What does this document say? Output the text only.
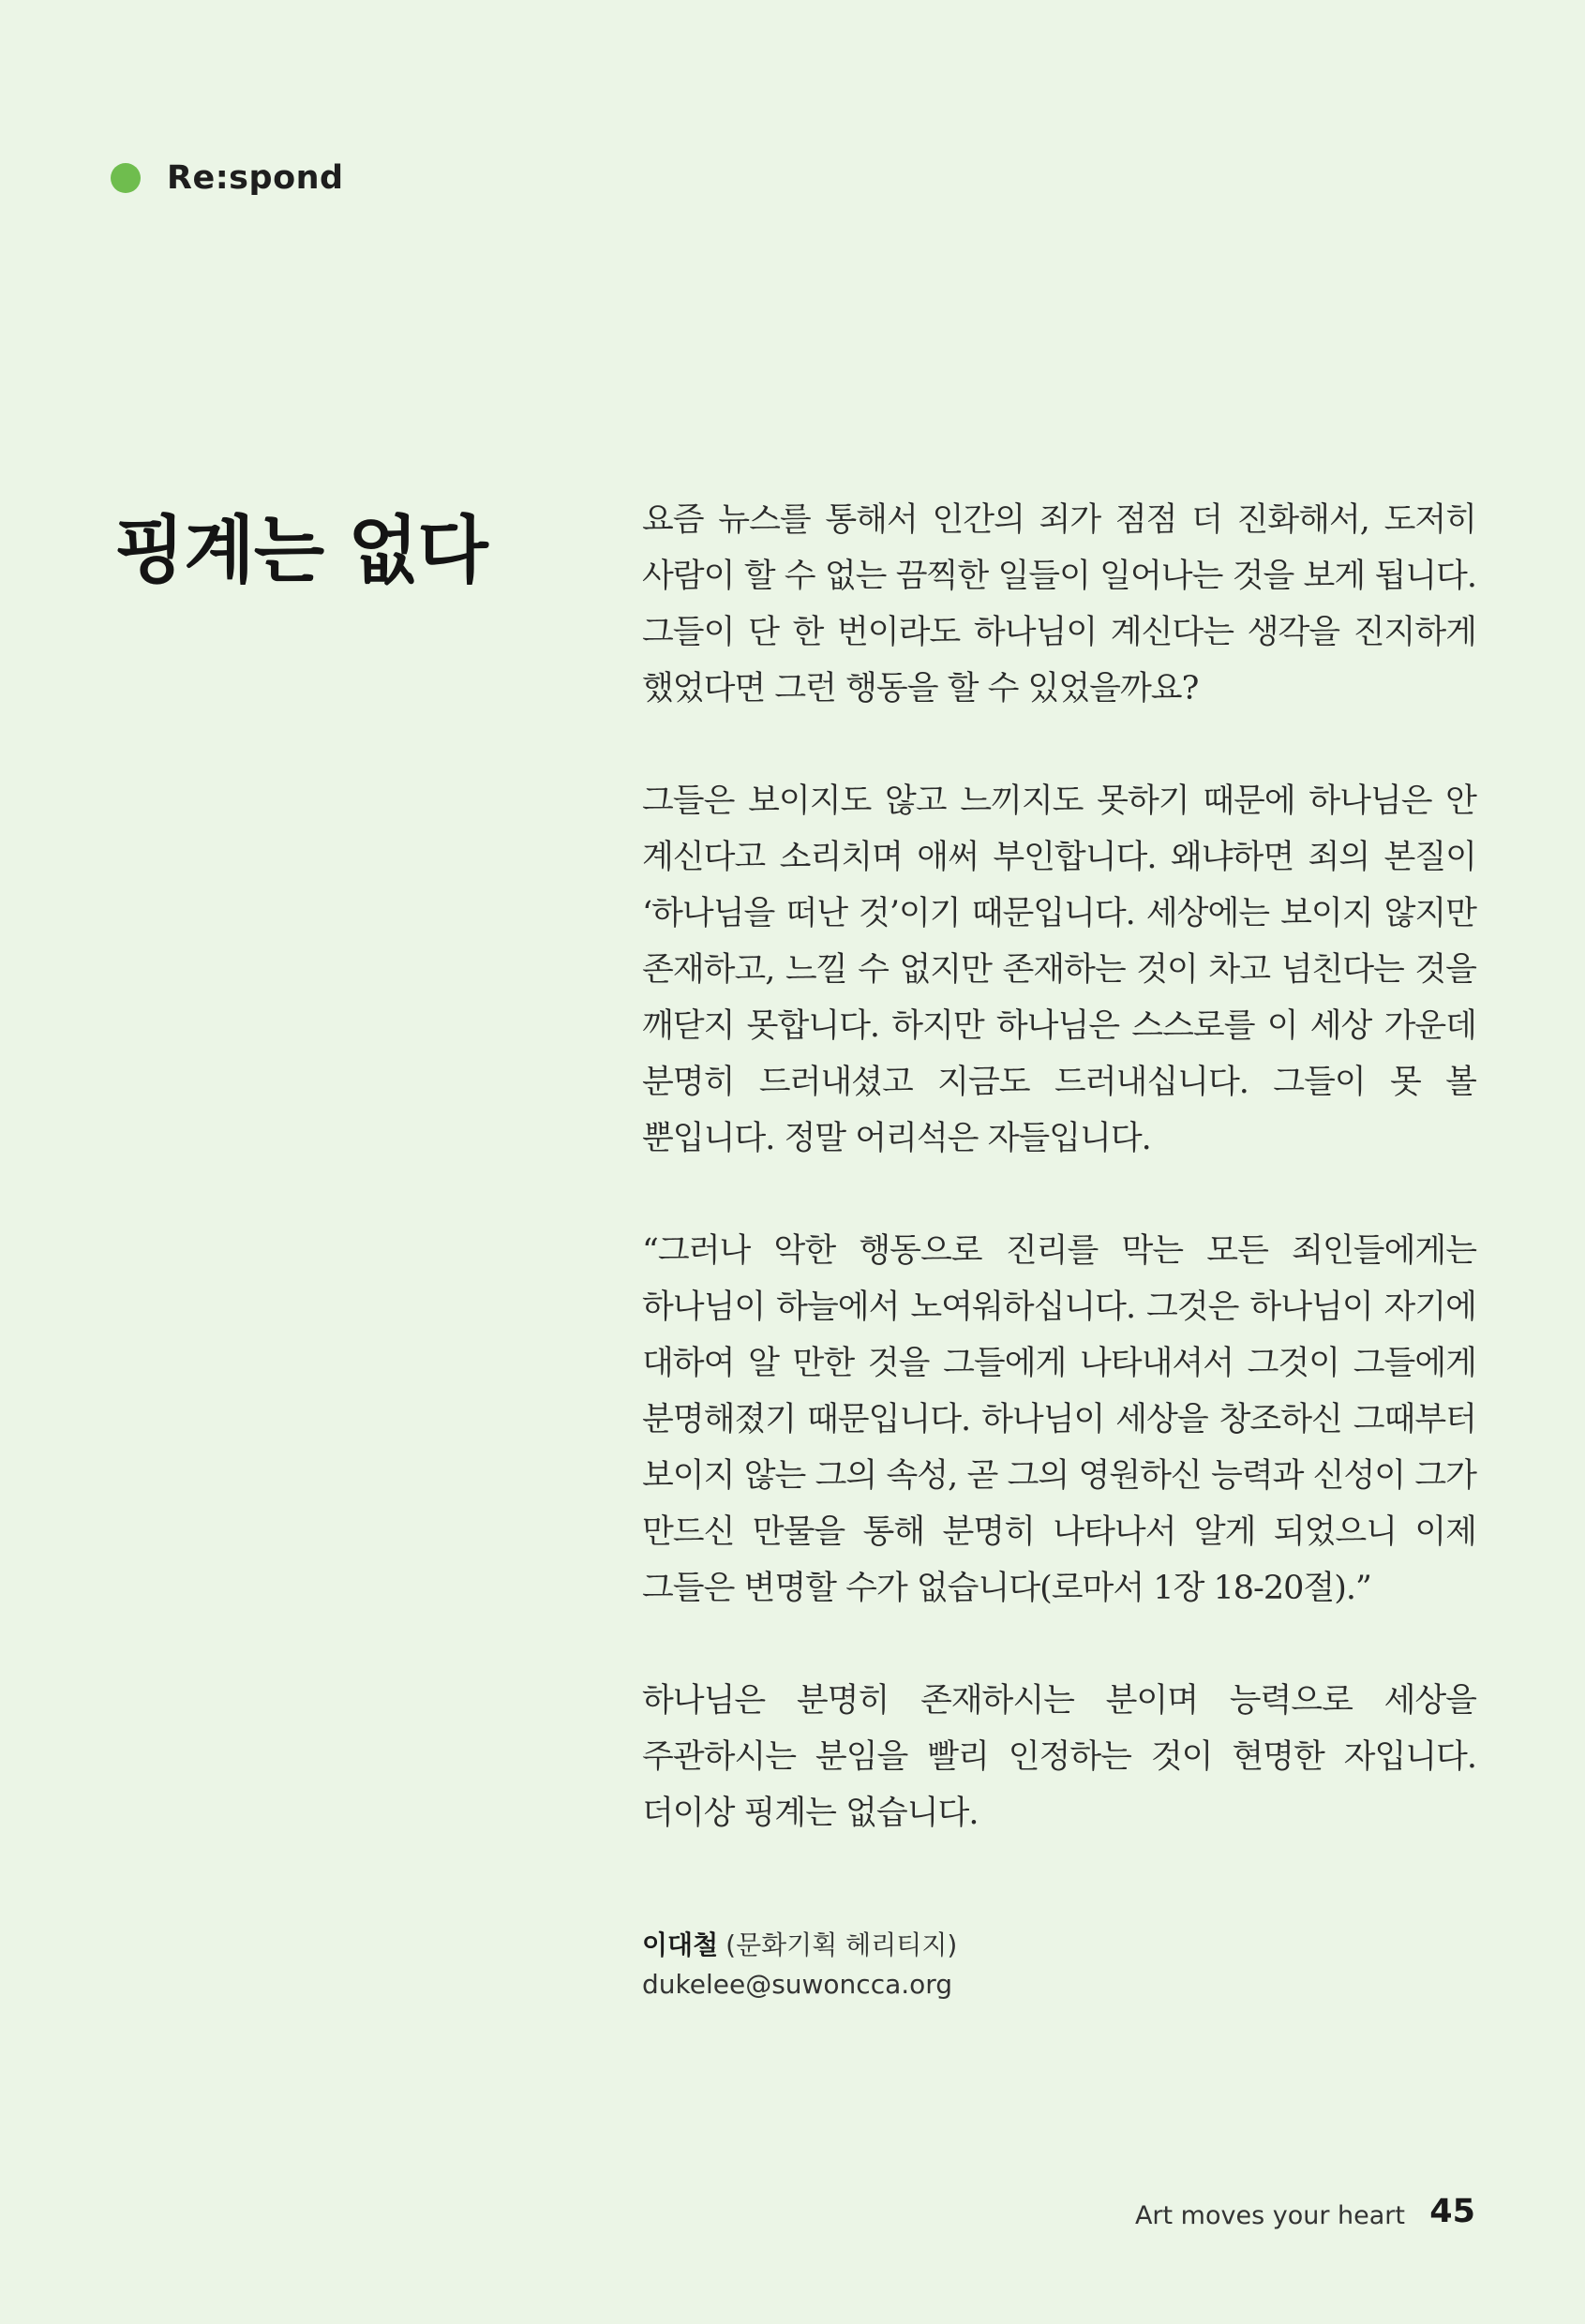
Re:spond
핑계는 없다	요즘 뉴스를 통해서 인간의 죄가 점점 더 진화해서, 도저히 사람이 할 수 없는 끔찍한 일들이 일어나는 것을 보게 됩니다. 그들이 단 한 번이라도 하나님이 계신다는 생각을 진지하게 했었다면 그런 행동을 할 수 있었을까요?

그들은 보이지도 않고 느끼지도 못하기 때문에 하나님은 안 계신다고 소리치며 애써 부인합니다. 왜냐하면 죄의 본질이 ‘하나님을 떠난 것’이기 때문입니다. 세상에는 보이지 않지만 존재하고, 느낄 수 없지만 존재하는 것이 차고 넘친다는 것을 깨닫지 못합니다. 하지만 하나님은 스스로를 이 세상 가운데 분명히 드러내셨고 지금도 드러내십니다. 그들이 못 볼 뿐입니다. 정말 어리석은 자들입니다.

“그러나 악한 행동으로 진리를 막는 모든 죄인들에게는 하나님이 하늘에서 노여워하십니다. 그것은 하나님이 자기에 대하여 알 만한 것을 그들에게 나타내셔서 그것이 그들에게 분명해졌기 때문입니다. 하나님이 세상을 창조하신 그때부터 보이지 않는 그의 속성, 곧 그의 영원하신 능력과 신성이 그가 만드신 만물을 통해 분명히 나타나서 알게 되었으니 이제 그들은 변명할 수가 없습니다(로마서 1장 18-20절).”

하나님은 분명히 존재하시는 분이며 능력으로 세상을 주관하시는 분임을 빨리 인정하는 것이 현명한 자입니다. 더이상 핑계는 없습니다.

이대철 (문화기획 헤리티지)
dukelee@suwoncca.org
Art moves your heart 45
